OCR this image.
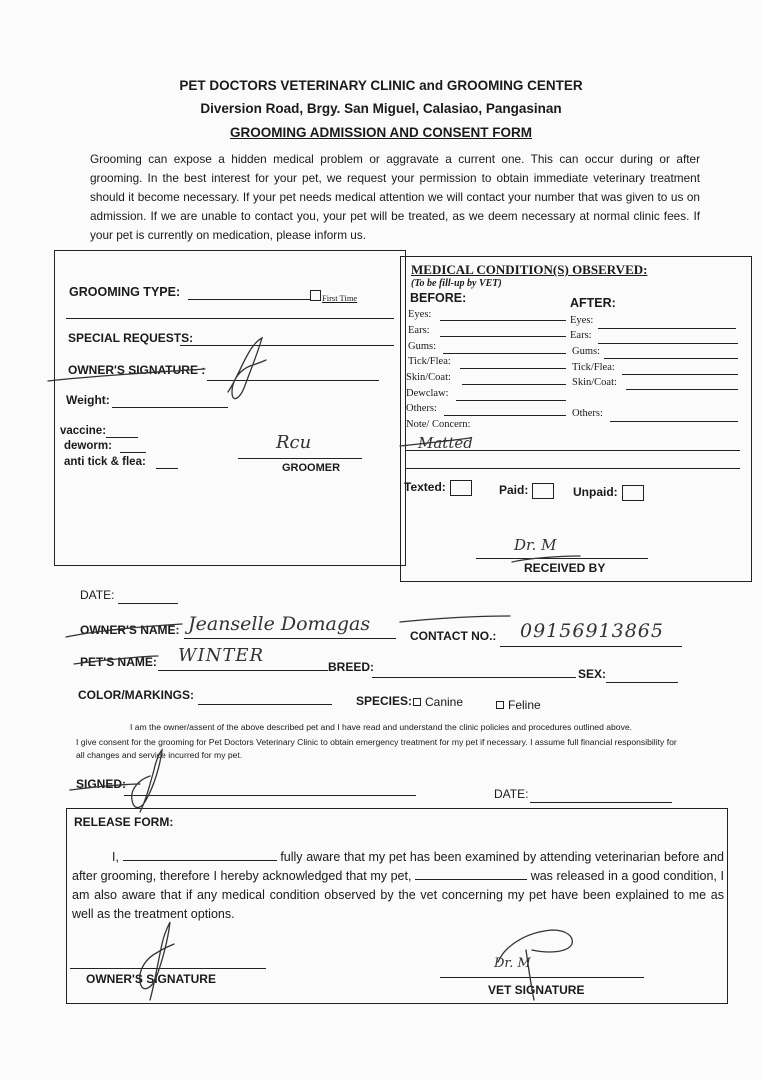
PET DOCTORS VETERINARY CLINIC and GROOMING CENTER
Diversion Road, Brgy. San Miguel, Calasiao, Pangasinan
GROOMING ADMISSION AND CONSENT FORM
Grooming can expose a hidden medical problem or aggravate a current one. This can occur during or after grooming. In the best interest for your pet, we request your permission to obtain immediate veterinary treatment should it become necessary. If your pet needs medical attention we will contact your number that was given to us on admission. If we are unable to contact you, your pet will be treated, as we deem necessary at normal clinic fees. If your pet is currently on medication, please inform us.
GROOMING TYPE:	First Time
SPECIAL REQUESTS:
OWNER'S SIGNATURE :
Weight:
vaccine:
deworm:
anti tick & flea:
Rcu
GROOMER
MEDICAL CONDITION(S) OBSERVED:
(To be fill-up by VET)
BEFORE:	AFTER:
Eyes:
Ears:
Gums:
Tick/Flea:
Skin/Coat:
Dewclaw:
Others:
Note/ Concern:
Eyes:
Ears:
Gums:
Tick/Flea:
Skin/Coat:
Others:
Matted
Texted:	Paid:	Unpaid:
Dr. M
RECEIVED BY
DATE:
OWNER'S NAME: Jeanselle Domagas
CONTACT NO.: 09156913865
PET'S NAME: WINTER
BREED:	SEX:
COLOR/MARKINGS:	SPECIES: Canine	Feline
I am the owner/assent of the above described pet and I have read and understand the clinic policies and procedures outlined above.
I give consent for the grooming for Pet Doctors Veterinary Clinic to obtain emergency treatment for my pet if necessary. I assume full financial responsibility for all changes and service incurred for my pet.
SIGNED:
DATE:
RELEASE FORM:
I,	fully aware that my pet has been examined by attending veterinarian before and after grooming, therefore I hereby acknowledged that my pet,	was released in a good condition, I am also aware that if any medical condition observed by the vet concerning my pet have been explained to me as well as the treatment options.
OWNER'S SIGNATURE
Dr. M
VET SIGNATURE
